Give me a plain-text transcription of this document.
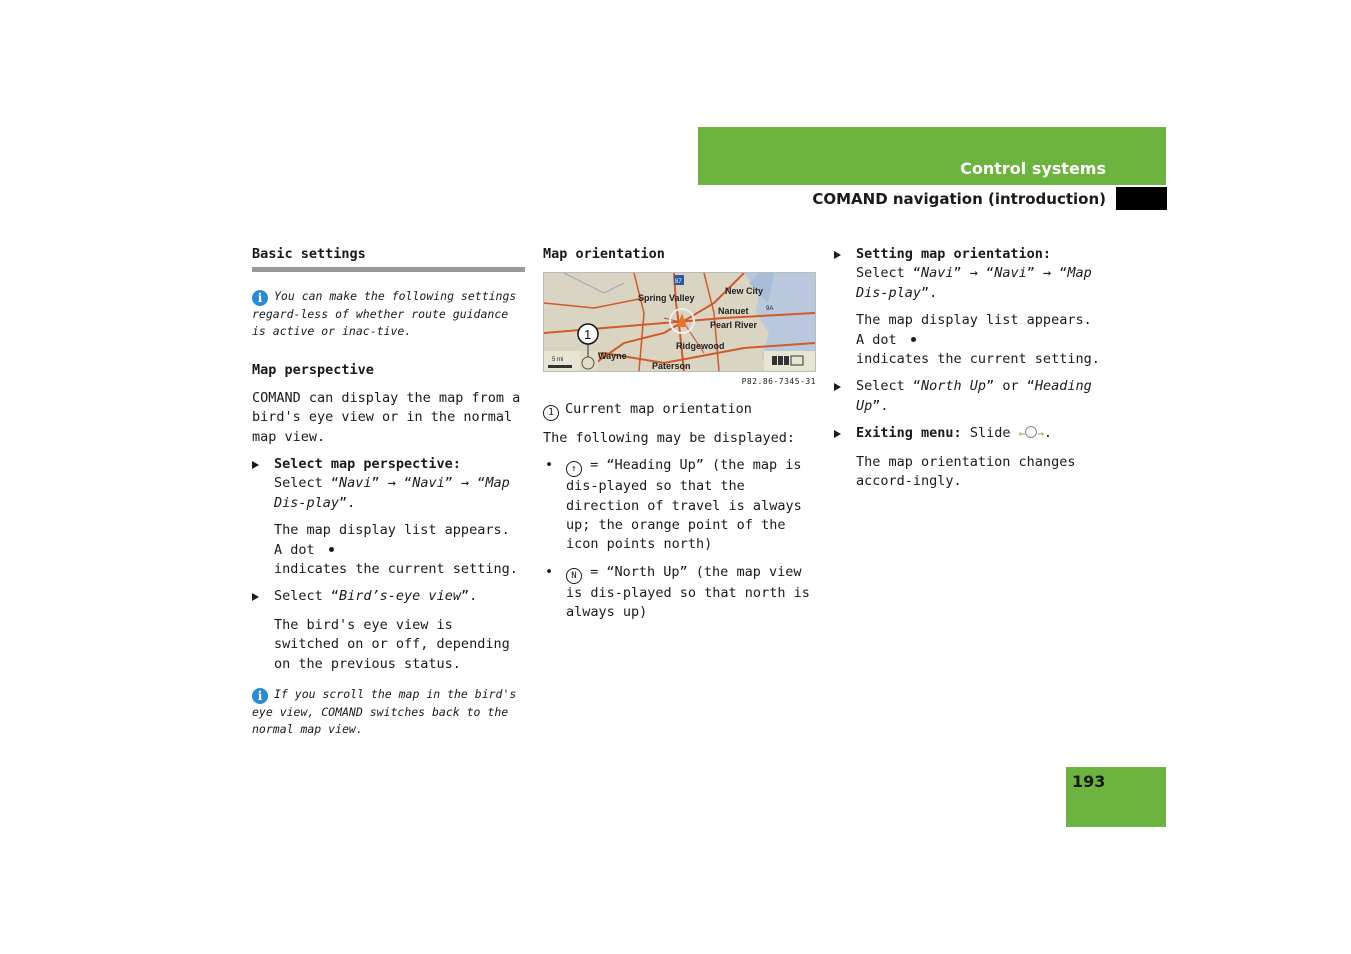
Control systems
COMAND navigation (introduction)

Basic settings

i You can make the following settings regard-less of whether route guidance is active or inac-tive.

Map perspective

COMAND can display the map from a bird's eye view or in the normal map view.

Select map perspective:

Select “Navi” → “Navi” → “Map Dis-play”.

The map display list appears. A dot
indicates the current setting.

Select “Bird’s-eye view”.

The bird's eye view is switched on or off, depending on the previous status.

i If you scroll the map in the bird's eye view, COMAND switches back to the normal map view.

Map orientation

Spring Valley
New City
Nanuet
Pearl River
Ridgewood
Wayne
Paterson
87
9A
5 mi
1

P82.86-7345-31

1 Current map orientation

The following may be displayed:

•	↑ = “Heading Up” (the map is dis-played so that the direction of travel is always up; the orange point of the icon points north)

•	N = “North Up” (the map view is dis-played so that north is always up)

Setting map orientation:

Select “Navi” → “Navi” → “Map Dis-play”.

The map display list appears. A dot
indicates the current setting.

Select “North Up” or “Heading Up”.

Exiting menu: Slide ← →.

The map orientation changes accord-ingly.

193
